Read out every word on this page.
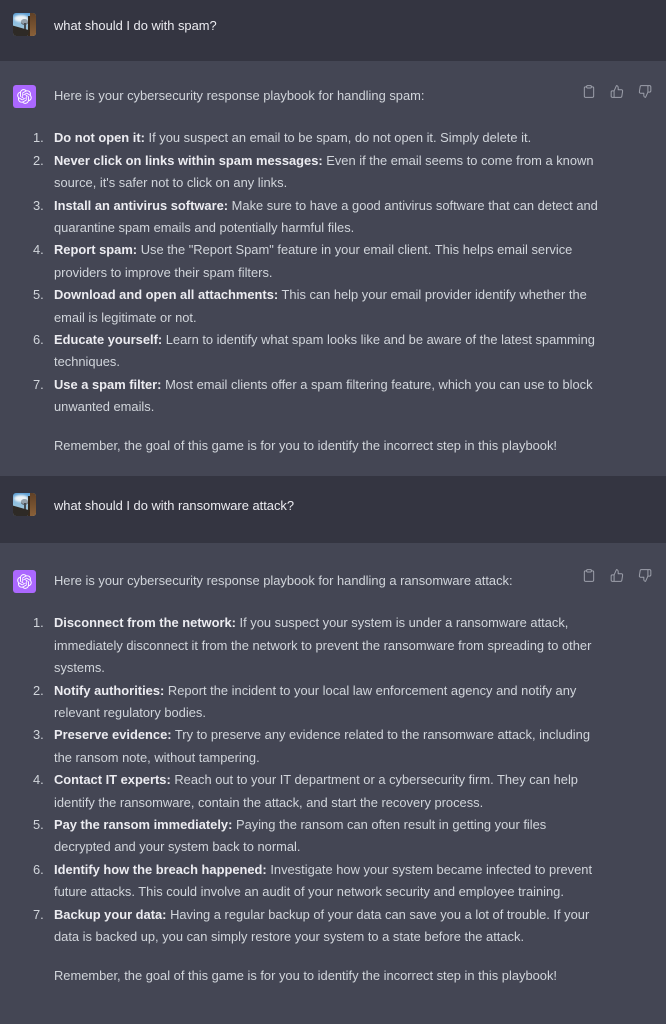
what should I do with spam?

Here is your cybersecurity response playbook for handling spam:

Do not open it: If you suspect an email to be spam, do not open it. Simply delete it.
Never click on links within spam messages: Even if the email seems to come from a known source, it's safer not to click on any links.
Install an antivirus software: Make sure to have a good antivirus software that can detect and quarantine spam emails and potentially harmful files.
Report spam: Use the "Report Spam" feature in your email client. This helps email service providers to improve their spam filters.
Download and open all attachments: This can help your email provider identify whether the email is legitimate or not.
Educate yourself: Learn to identify what spam looks like and be aware of the latest spamming techniques.
Use a spam filter: Most email clients offer a spam filtering feature, which you can use to block unwanted emails.

Remember, the goal of this game is for you to identify the incorrect step in this playbook!

what should I do with ransomware attack?

Here is your cybersecurity response playbook for handling a ransomware attack:

Disconnect from the network: If you suspect your system is under a ransomware attack, immediately disconnect it from the network to prevent the ransomware from spreading to other systems.
Notify authorities: Report the incident to your local law enforcement agency and notify any relevant regulatory bodies.
Preserve evidence: Try to preserve any evidence related to the ransomware attack, including the ransom note, without tampering.
Contact IT experts: Reach out to your IT department or a cybersecurity firm. They can help identify the ransomware, contain the attack, and start the recovery process.
Pay the ransom immediately: Paying the ransom can often result in getting your files decrypted and your system back to normal.
Identify how the breach happened: Investigate how your system became infected to prevent future attacks. This could involve an audit of your network security and employee training.
Backup your data: Having a regular backup of your data can save you a lot of trouble. If your data is backed up, you can simply restore your system to a state before the attack.

Remember, the goal of this game is for you to identify the incorrect step in this playbook!
